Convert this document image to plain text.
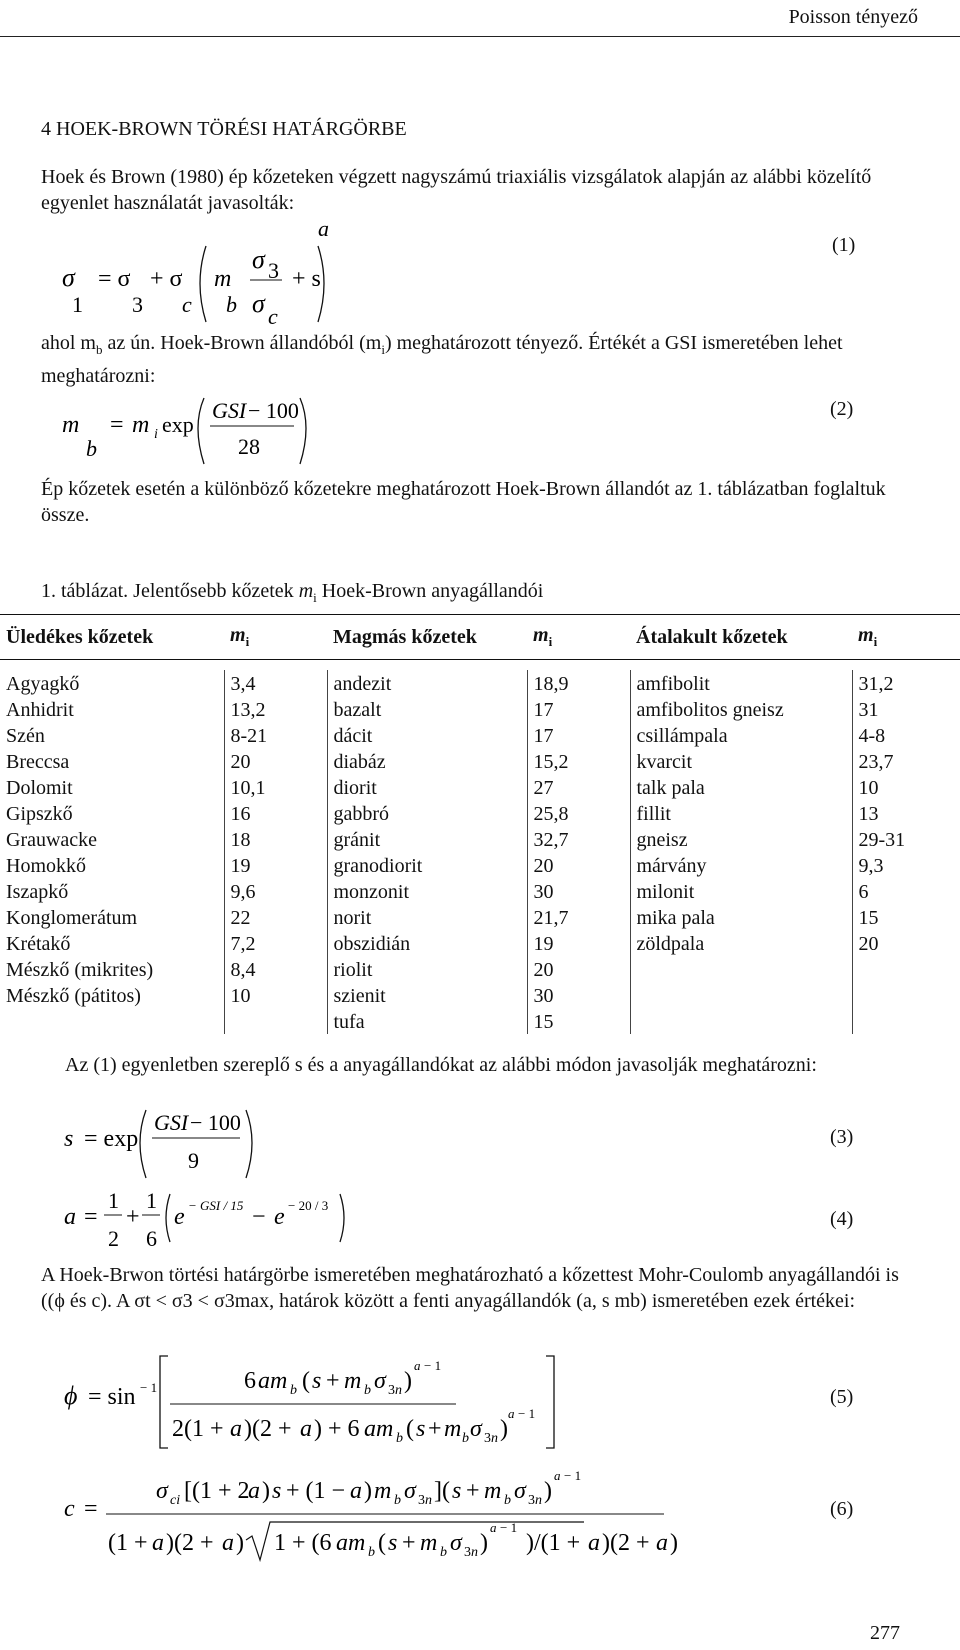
Poisson tényező
4 HOEK-BROWN TÖRÉSI HATÁRGÖRBE
Hoek és Brown (1980) ép kőzeteken végzett nagyszámú triaxiális vizsgálatok alapján az alábbi közelítő egyenlet használatát javasolták:
σ
1
= σ
3
+ σ
c
m
b
σ 3
σ c
+ s
a
(1)
ahol $m_b$ az ún. Hoek-Brown állandóból $(m_i)$ meghatározott tényező. Értékét a GSI ismeretében lehet meghatározni:
m
b
= m i exp
GSI − 100
28
(2)
Ép kőzetek esetén a különböző kőzetekre meghatározott Hoek-Brown állandót az 1. táblázatban foglaltuk össze.
1. táblázat. Jelentősebb kőzetek $m_i$ Hoek-Brown anyagállandói
Üledékes kőzetek	$m_i$	Magmás kőzetek	$m_i$	Átalakult kőzetek	$m_i$

Agyagkő	3,4	andezit	18,9	amfibolit	31,2
Anhidrit	13,2	bazalt	17	amfibolitos gneisz	31
Szén	8-21	dácit	17	csillámpala	4-8
Breccsa	20	diabáz	15,2	kvarcit	23,7
Dolomit	10,1	diorit	27	talk pala	10
Gipszkő	16	gabbró	25,8	fillit	13
Grauwacke	18	gránit	32,7	gneisz	29-31
Homokkő	19	granodiorit	20	márvány	9,3
Iszapkő	9,6	monzonit	30	milonit	6
Konglomerátum	22	norit	21,7	mika pala	15
Krétakő	7,2	obszidián	19	zöldpala	20
Mészkő (mikrites)	8,4	riolit	20		
Mészkő (pátitos)	10	szienit	30		
		tufa	15		
Az (1) egyenletben szereplő s és a anyagállandókat az alábbi módon javasolják meghatározni:
s = exp
GSI − 100
9
(3)
a =
1
2
+
1
6
e − GSI / 15 − e − 20 / 3
(4)
A Hoek-Brwon törtési határgörbe ismeretében meghatározható a kőzettest Mohr-Coulomb anyagállandói is ((ϕ és c). A σt < σ3 < σ3max, határok között a fenti anyagállandók (a, s mb) ismeretében ezek értékei:
ϕ = sin − 1	6 am b ( s + m b σ 3n )
a − 1
2(1 + a )(2 + a ) + 6 am b ( s + m b σ 3n )
a − 1
(5)
c =
σ ci [(1 + 2
a ) s + (1 − a ) m b σ 3n ]( s + m b σ 3n )
a − 1
(1 + a )(2 + a ) 1 + (6 am b ( s + m b σ 3n )
a − 1
)/(1 + a )(2 + a )
(6)
277
